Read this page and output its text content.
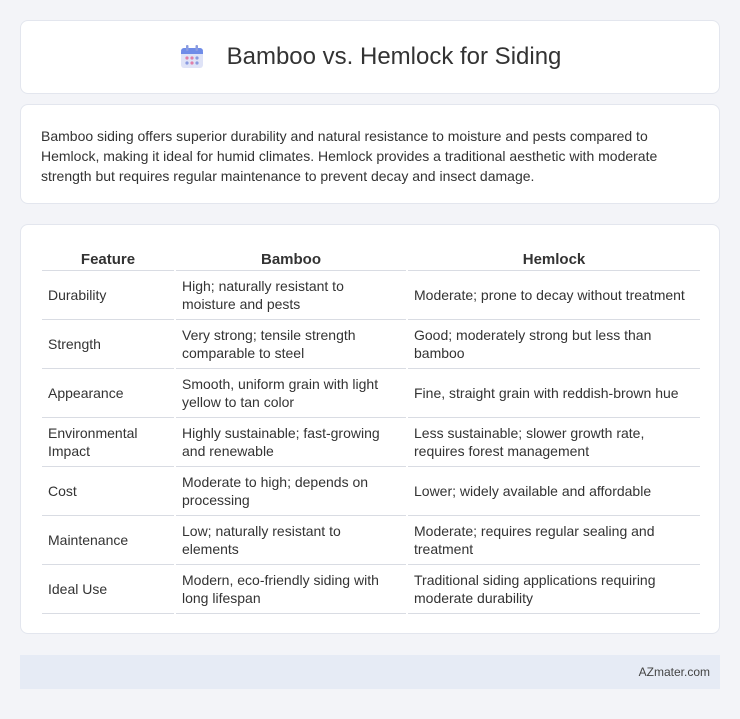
Bamboo vs. Hemlock for Siding

Bamboo siding offers superior durability and natural resistance to moisture and pests compared to Hemlock, making it ideal for humid climates. Hemlock provides a traditional aesthetic with moderate strength but requires regular maintenance to prevent decay and insect damage.

Feature	Bamboo	Hemlock
Durability	High; naturally resistant to moisture and pests	Moderate; prone to decay without treatment
Strength	Very strong; tensile strength comparable to steel	Good; moderately strong but less than bamboo
Appearance	Smooth, uniform grain with light yellow to tan color	Fine, straight grain with reddish-brown hue
Environmental Impact	Highly sustainable; fast-growing and renewable	Less sustainable; slower growth rate, requires forest management
Cost	Moderate to high; depends on processing	Lower; widely available and affordable
Maintenance	Low; naturally resistant to elements	Moderate; requires regular sealing and treatment
Ideal Use	Modern, eco-friendly siding with long lifespan	Traditional siding applications requiring moderate durability
AZmater.com
